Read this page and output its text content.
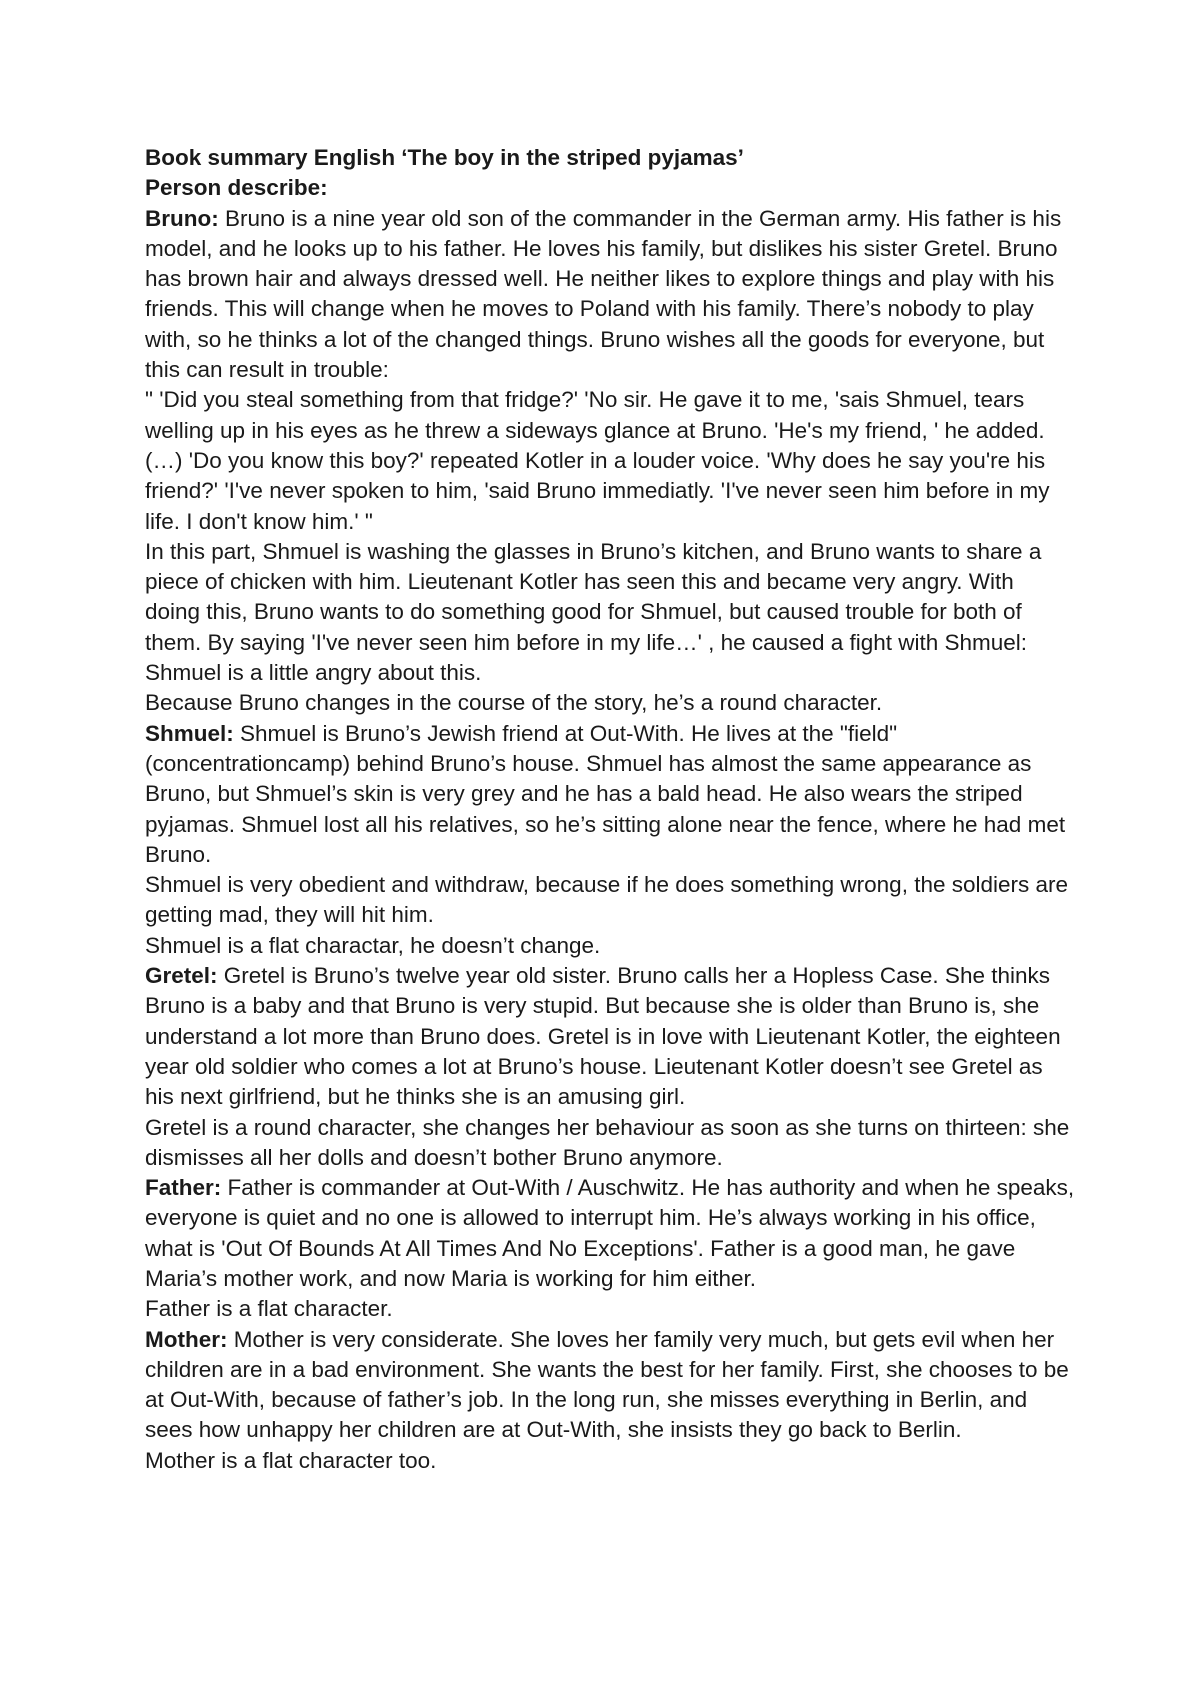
Book summary English ‘The boy in the striped pyjamas’

Person describe:

Bruno: Bruno is a nine year old son of the commander in the German army. His father is his model, and he looks up to his father. He loves his family, but dislikes his sister Gretel. Bruno has brown hair and always dressed well. He neither likes to explore things and play with his friends. This will change when he moves to Poland with his family. There’s nobody to play with, so he thinks a lot of the changed things. Bruno wishes all the goods for everyone, but this can result in trouble:

" 'Did you steal something from that fridge?' 'No sir. He gave it to me, 'sais Shmuel, tears welling up in his eyes as he threw a sideways glance at Bruno. 'He's my friend, ' he added. (…) 'Do you know this boy?' repeated Kotler in a louder voice. 'Why does he say you're his friend?' 'I've never spoken to him, 'said Bruno immediatly. 'I've never seen him before in my life. I don't know him.' "

In this part, Shmuel is washing the glasses in Bruno’s kitchen, and Bruno wants to share a piece of chicken with him. Lieutenant Kotler has seen this and became very angry. With doing this, Bruno wants to do something good for Shmuel, but caused trouble for both of them. By saying 'I've never seen him before in my life…' , he caused a fight with Shmuel: Shmuel is a little angry about this.

Because Bruno changes in the course of the story, he’s a round character.

Shmuel: Shmuel is Bruno’s Jewish friend at Out-With. He lives at the "field" (concentrationcamp) behind Bruno’s house. Shmuel has almost the same appearance as Bruno, but Shmuel’s skin is very grey and he has a bald head. He also wears the striped pyjamas. Shmuel lost all his relatives, so he’s sitting alone near the fence, where he had met Bruno.

Shmuel is very obedient and withdraw, because if he does something wrong, the soldiers are getting mad, they will hit him.

Shmuel is a flat charactar, he doesn’t change.

Gretel: Gretel is Bruno’s twelve year old sister. Bruno calls her a Hopless Case. She thinks Bruno is a baby and that Bruno is very stupid. But because she is older than Bruno is, she understand a lot more than Bruno does. Gretel is in love with Lieutenant Kotler, the eighteen year old soldier who comes a lot at Bruno’s house. Lieutenant Kotler doesn’t see Gretel as his next girlfriend, but he thinks she is an amusing girl.

Gretel is a round character, she changes her behaviour as soon as she turns on thirteen: she dismisses all her dolls and doesn’t bother Bruno anymore.

Father: Father is commander at Out-With / Auschwitz. He has authority and when he speaks, everyone is quiet and no one is allowed to interrupt him. He’s always working in his office, what is 'Out Of Bounds At All Times And No Exceptions'. Father is a good man, he gave Maria’s mother work, and now Maria is working for him either.

Father is a flat character.

Mother: Mother is very considerate. She loves her family very much, but gets evil when her children are in a bad environment. She wants the best for her family. First, she chooses to be at Out-With, because of father’s job. In the long run, she misses everything in Berlin, and sees how unhappy her children are at Out-With, she insists they go back to Berlin.

Mother is a flat character too.
